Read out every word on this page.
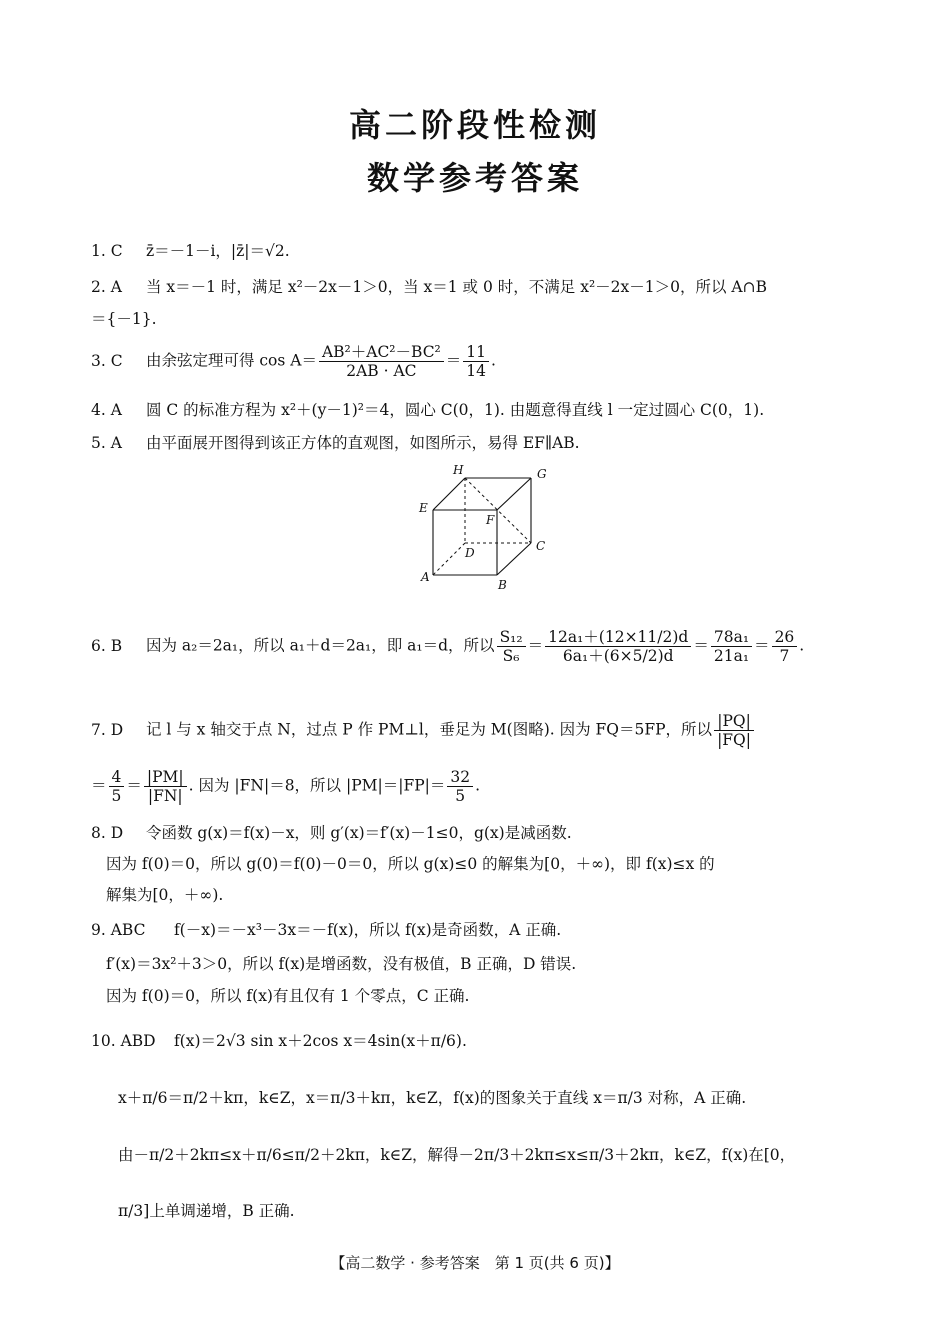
高二阶段性检测
数学参考答案
1. C z̄＝－1－i，|z̄|＝√2.
2. A 当 x＝－1 时，满足 x²－2x－1＞0，当 x＝1 或 0 时，不满足 x²－2x－1＞0，所以 A∩B
＝{－1}.
3. C 由余弦定理可得 $\cos A= \frac{\text{AB²＋AC²－BC²}}{2AB \cdot AC} = \frac{11}{14}$ .
4. A 圆 C 的标准方程为 x²＋(y－1)²＝4，圆心 C(0，1). 由题意得直线 l 一定过圆心 C(0，1).
5. A 由平面展开图得到该正方体的直观图，如图所示，易得 EF∥AB.
H	G
E
F
D	C
A
B
6. B 因为 a₂＝2a₁，所以 a₁＋d＝2a₁，即 a₁＝d，所以 $\frac{\text{S₁₂}}{\text{S₆}} = \frac{\text{12a₁＋(12×11/2)d}}{\text{6a₁＋(6×5/2)d}} = \frac{\text{78a₁}}{\text{21a₁}} = \frac{26}{7}$ .
7. D 记 l 与 x 轴交于点 N，过点 P 作 PM⊥l，垂足为 M(图略). 因为 FQ＝5FP，所以 $\frac{|PQ|}{|FQ|}$
＝ $\frac{4}{5} = \frac{|PM|}{|FN|}$ . 因为 |FN|＝8，所以 $|PM|=|FP|= \frac{32}{5}$ .
8. D 令函数 g(x)＝f(x)－x，则 g′(x)＝f′(x)－1≤0，g(x)是减函数.
因为 f(0)＝0，所以 g(0)＝f(0)－0＝0，所以 g(x)≤0 的解集为[0，＋∞)，即 f(x)≤x 的
解集为[0，＋∞).
9. ABC f(－x)＝－x³－3x＝－f(x)，所以 f(x)是奇函数，A 正确.
f′(x)＝3x²＋3＞0，所以 f(x)是增函数，没有极值，B 正确，D 错误.
因为 f(0)＝0，所以 f(x)有且仅有 1 个零点，C 正确.
10. ABD f(x)＝2√3 sin x＋2cos x＝4sin(x＋π/6).
x＋π/6＝π/2＋kπ，k∈Z，x＝π/3＋kπ，k∈Z，f(x)的图象关于直线 x＝π/3 对称，A 正确.
由－π/2＋2kπ≤x＋π/6≤π/2＋2kπ，k∈Z，解得－2π/3＋2kπ≤x≤π/3＋2kπ，k∈Z，f(x)在[0，
π/3]上单调递增，B 正确.
【高二数学 · 参考答案　第 1 页(共 6 页)】
